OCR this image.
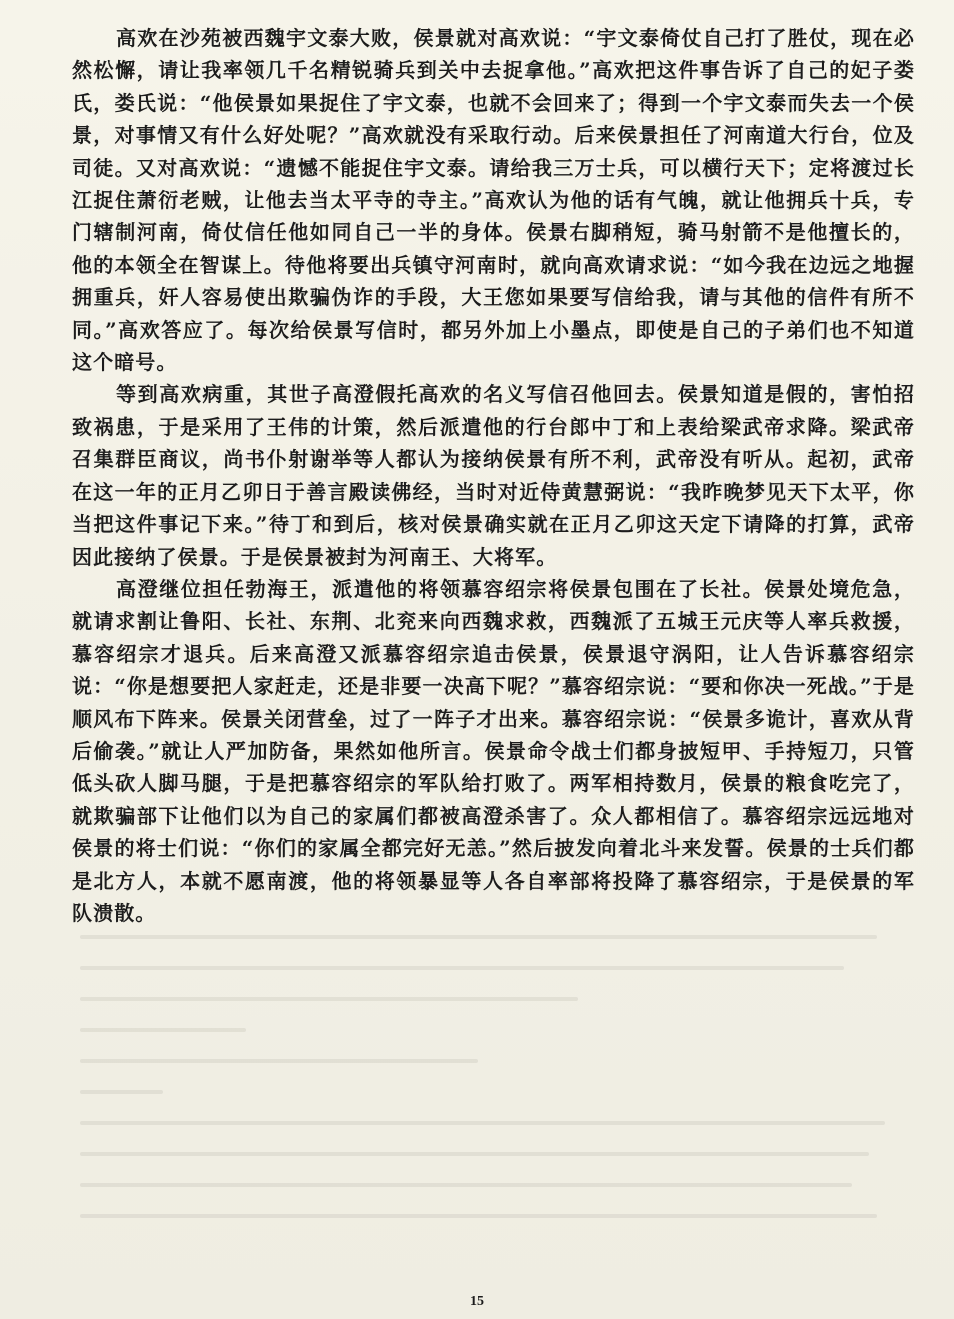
高欢在沙苑被西魏宇文泰大败，侯景就对高欢说：“宇文泰倚仗自己打了胜仗，现在必然松懈，请让我率领几千名精锐骑兵到关中去捉拿他。”高欢把这件事告诉了自己的妃子娄氏，娄氏说：“他侯景如果捉住了宇文泰，也就不会回来了；得到一个宇文泰而失去一个侯景，对事情又有什么好处呢？”高欢就没有采取行动。后来侯景担任了河南道大行台，位及司徒。又对高欢说：“遗憾不能捉住宇文泰。请给我三万士兵，可以横行天下；定将渡过长江捉住萧衍老贼，让他去当太平寺的寺主。”高欢认为他的话有气魄，就让他拥兵十兵，专门辖制河南，倚仗信任他如同自己一半的身体。侯景右脚稍短，骑马射箭不是他擅长的，他的本领全在智谋上。待他将要出兵镇守河南时，就向高欢请求说：“如今我在边远之地握拥重兵，奸人容易使出欺骗伪诈的手段，大王您如果要写信给我，请与其他的信件有所不同。”高欢答应了。每次给侯景写信时，都另外加上小墨点，即使是自己的子弟们也不知道这个暗号。

等到高欢病重，其世子高澄假托高欢的名义写信召他回去。侯景知道是假的，害怕招致祸患，于是采用了王伟的计策，然后派遣他的行台郎中丁和上表给梁武帝求降。梁武帝召集群臣商议，尚书仆射谢举等人都认为接纳侯景有所不利，武帝没有听从。起初，武帝在这一年的正月乙卯日于善言殿读佛经，当时对近侍黄慧弼说：“我昨晚梦见天下太平，你当把这件事记下来。”待丁和到后，核对侯景确实就在正月乙卯这天定下请降的打算，武帝因此接纳了侯景。于是侯景被封为河南王、大将军。

高澄继位担任勃海王，派遣他的将领慕容绍宗将侯景包围在了长社。侯景处境危急，就请求割让鲁阳、长社、东荆、北兖来向西魏求救，西魏派了五城王元庆等人率兵救援，慕容绍宗才退兵。后来高澄又派慕容绍宗追击侯景，侯景退守涡阳，让人告诉慕容绍宗说：“你是想要把人家赶走，还是非要一决高下呢？”慕容绍宗说：“要和你决一死战。”于是顺风布下阵来。侯景关闭营垒，过了一阵子才出来。慕容绍宗说：“侯景多诡计，喜欢从背后偷袭。”就让人严加防备，果然如他所言。侯景命令战士们都身披短甲、手持短刀，只管低头砍人脚马腿，于是把慕容绍宗的军队给打败了。两军相持数月，侯景的粮食吃完了，就欺骗部下让他们以为自己的家属们都被高澄杀害了。众人都相信了。慕容绍宗远远地对侯景的将士们说：“你们的家属全都完好无恙。”然后披发向着北斗来发誓。侯景的士兵们都是北方人，本就不愿南渡，他的将领暴显等人各自率部将投降了慕容绍宗，于是侯景的军队溃散。

15
